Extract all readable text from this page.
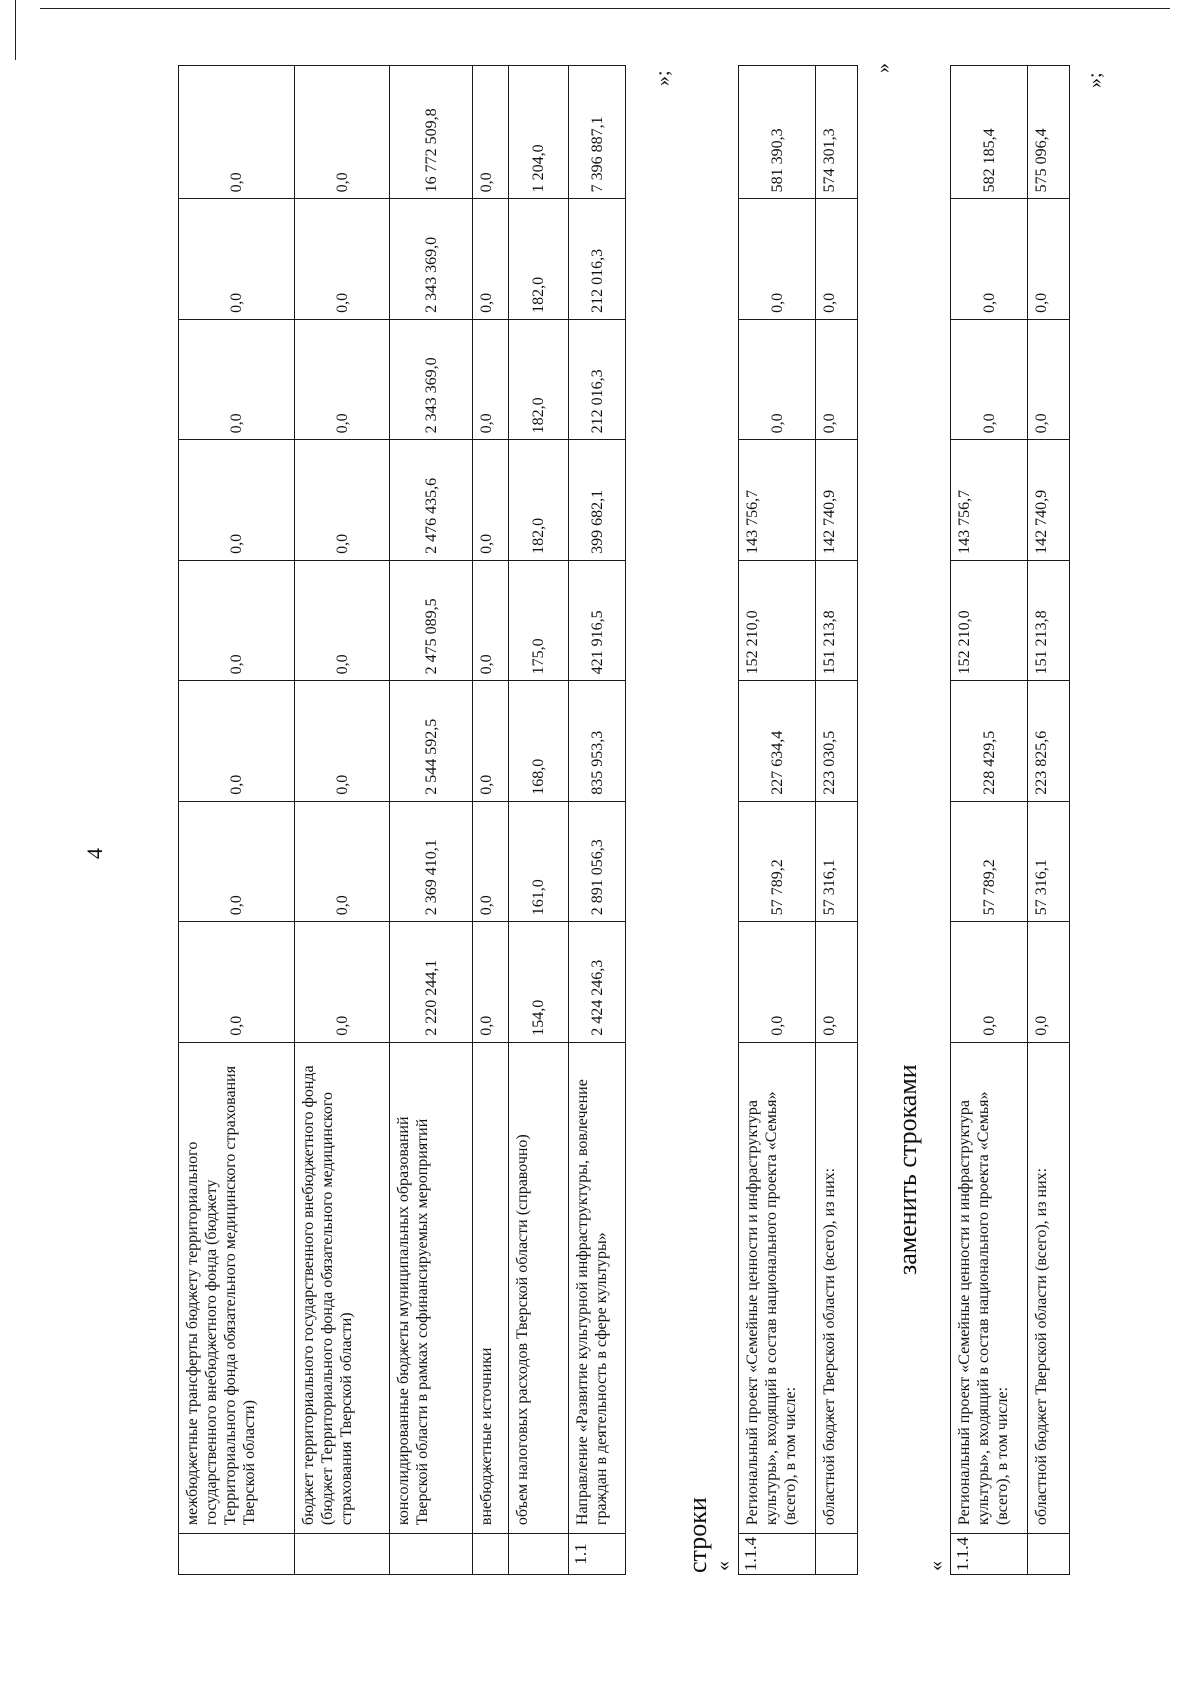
4
	межбюджетные трансферты бюджету территориального государственного внебюджетного фонда (бюджету Территориального фонда обязательного медицинского страхования Тверской области)	0,0	0,0	0,0	0,0	0,0	0,0	0,0	0,0
	бюджет территориального государственного внебюджетного фонда (бюджет Территориального фонда обязательного медицинского страхования Тверской области)	0,0	0,0	0,0	0,0	0,0	0,0	0,0	0,0
	консолидированные бюджеты муниципальных образований Тверской области в рамках софинансируемых мероприятий	2 220 244,1	2 369 410,1	2 544 592,5	2 475 089,5	2 476 435,6	2 343 369,0	2 343 369,0	16 772 509,8
	внебюджетные источники	0,0	0,0	0,0	0,0	0,0	0,0	0,0	0,0
	объем налоговых расходов Тверской области (справочно)	154,0	161,0	168,0	175,0	182,0	182,0	182,0	1 204,0
1.1	Направление «Развитие культурной инфраструктуры, вовлечение граждан в деятельность в сфере культуры»	2 424 246,3	2 891 056,3	835 953,3	421 916,5	399 682,1	212 016,3	212 016,3	7 396 887,1
»;
строки « 1.1.4	Региональный проект «Семейные ценности и инфраструктура культуры», входящий в состав национального проекта «Семья» (всего), в том числе:	0,0	57 789,2	227 634,4	152 210,0	143 756,7	0,0	0,0	581 390,3
	областной бюджет Тверской области (всего), из них:	0,0	57 316,1	223 030,5	151 213,8	142 740,9	0,0	0,0	574 301,3
»
заменить строками
« 1.1.4	Региональный проект «Семейные ценности и инфраструктура культуры», входящий в состав национального проекта «Семья» (всего), в том числе:	0,0	57 789,2	228 429,5	152 210,0	143 756,7	0,0	0,0	582 185,4
	областной бюджет Тверской области (всего), из них:	0,0	57 316,1	223 825,6	151 213,8	142 740,9	0,0	0,0	575 096,4
»;
